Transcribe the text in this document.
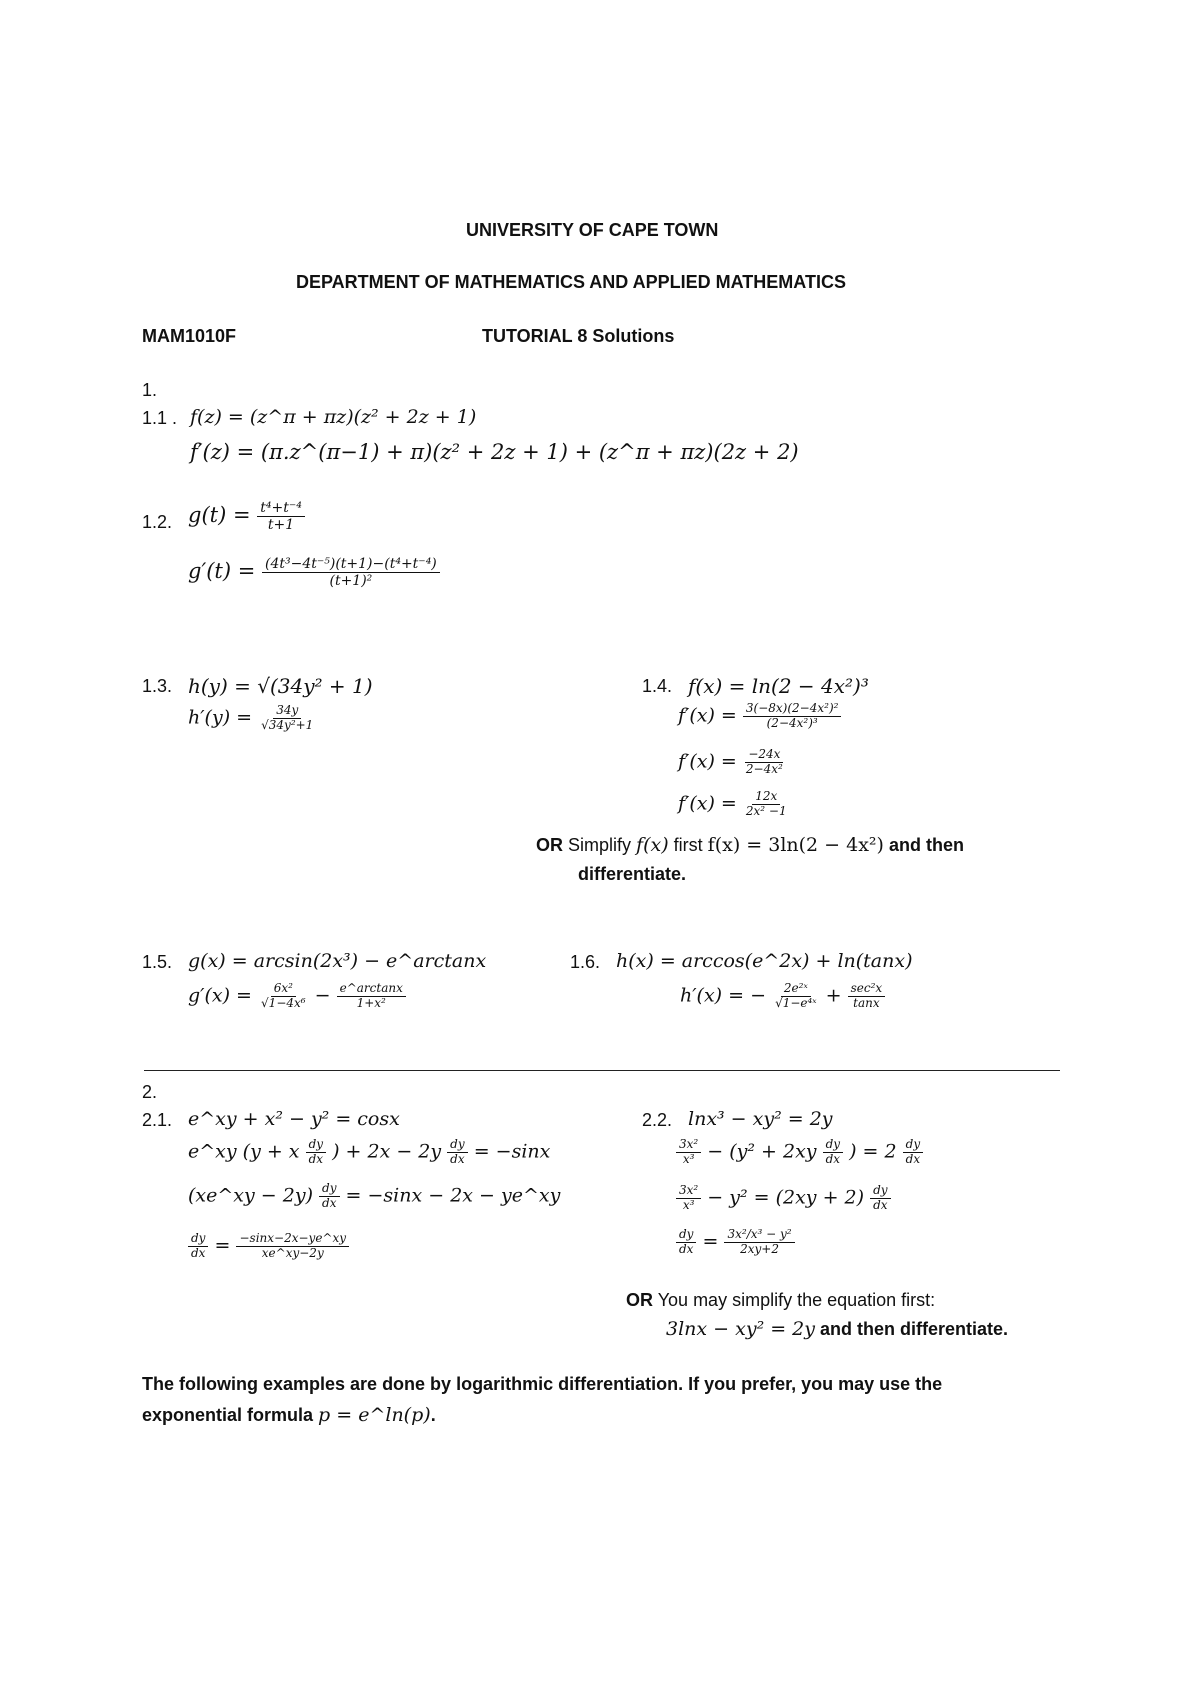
UNIVERSITY OF CAPE TOWN
DEPARTMENT OF MATHEMATICS AND APPLIED MATHEMATICS
MAM1010F	TUTORIAL 8 Solutions
1.
1.1 . f(z) = (z^π + πz)(z² + 2z + 1)
f′(z) = (π.z^(π−1) + π)(z² + 2z + 1) + (z^π + πz)(2z + 2)
1.2. $g(t) = \frac{\text{t⁴+t⁻⁴}}{t+1}$
$g'(t) = \frac{\text{(4t³−4t⁻⁵)(t+1)−(t⁴+t⁻⁴)}}{\text{(t+1)²}}$
1.3. h(y) = √(34y² + 1)
$h'(y) = \frac{34y}{\text{√34y²+1}}$
1.4. f(x) = ln(2 − 4x²)³
$f'(x) = \frac{\text{3(−8x)(2−4x²)²}}{\text{(2−4x²)³}}$
$f'(x) = \frac{-24x}{\text{2−4x²}}$
$f'(x) = \frac{12x}{\text{2x² −1}}$
OR Simplify f(x) first f(x) = 3ln(2 − 4x²) and then
differentiate.
1.5. g(x) = arcsin(2x³) − e^arctanx
$g'(x) = \frac{\text{6x²}}{\text{√1−4x⁶}} - \frac{e\^{}\arctan x}{\text{1+x²}}$
1.6. h(x) = arccos(e^2x) + ln(tanx)
h′(x) = − $\frac{\text{2e²ˣ}}{\text{√1−e⁴ˣ}} + \frac{\text{sec²x}}{\tan x}$
2.
2.1. e^xy + x² − y² = cosx
e^xy (y + x $\frac{dy}{dx}$ ) + $2x - 2y \frac{dy}{dx} = -\sin x$
(xe^xy − $2y) \frac{dy}{dx} = -\sin x - 2x$ − ye^xy
$\frac{dy}{dx} = \frac{-\sin x-2x-ye\^{}xy}{xe\^{}xy-2y}$
2.2. lnx³ − xy² = 2y
$\frac{\text{3x²}}{\text{x³}} - (y^2 + 2xy \frac{dy}{dx}$ ) = $2 \frac{dy}{dx}$
$\frac{\text{3x²}}{\text{x³}} - y^2 = (2xy + 2) \frac{dy}{dx}$
$\frac{dy}{dx} = \frac{\text{3x²/x³ − y²}}{2xy+2}$
OR You may simplify the equation first:
3lnx − xy² = 2y and then differentiate.
The following examples are done by logarithmic differentiation. If you prefer, you may use the
exponential formula p = e^ln(p).
